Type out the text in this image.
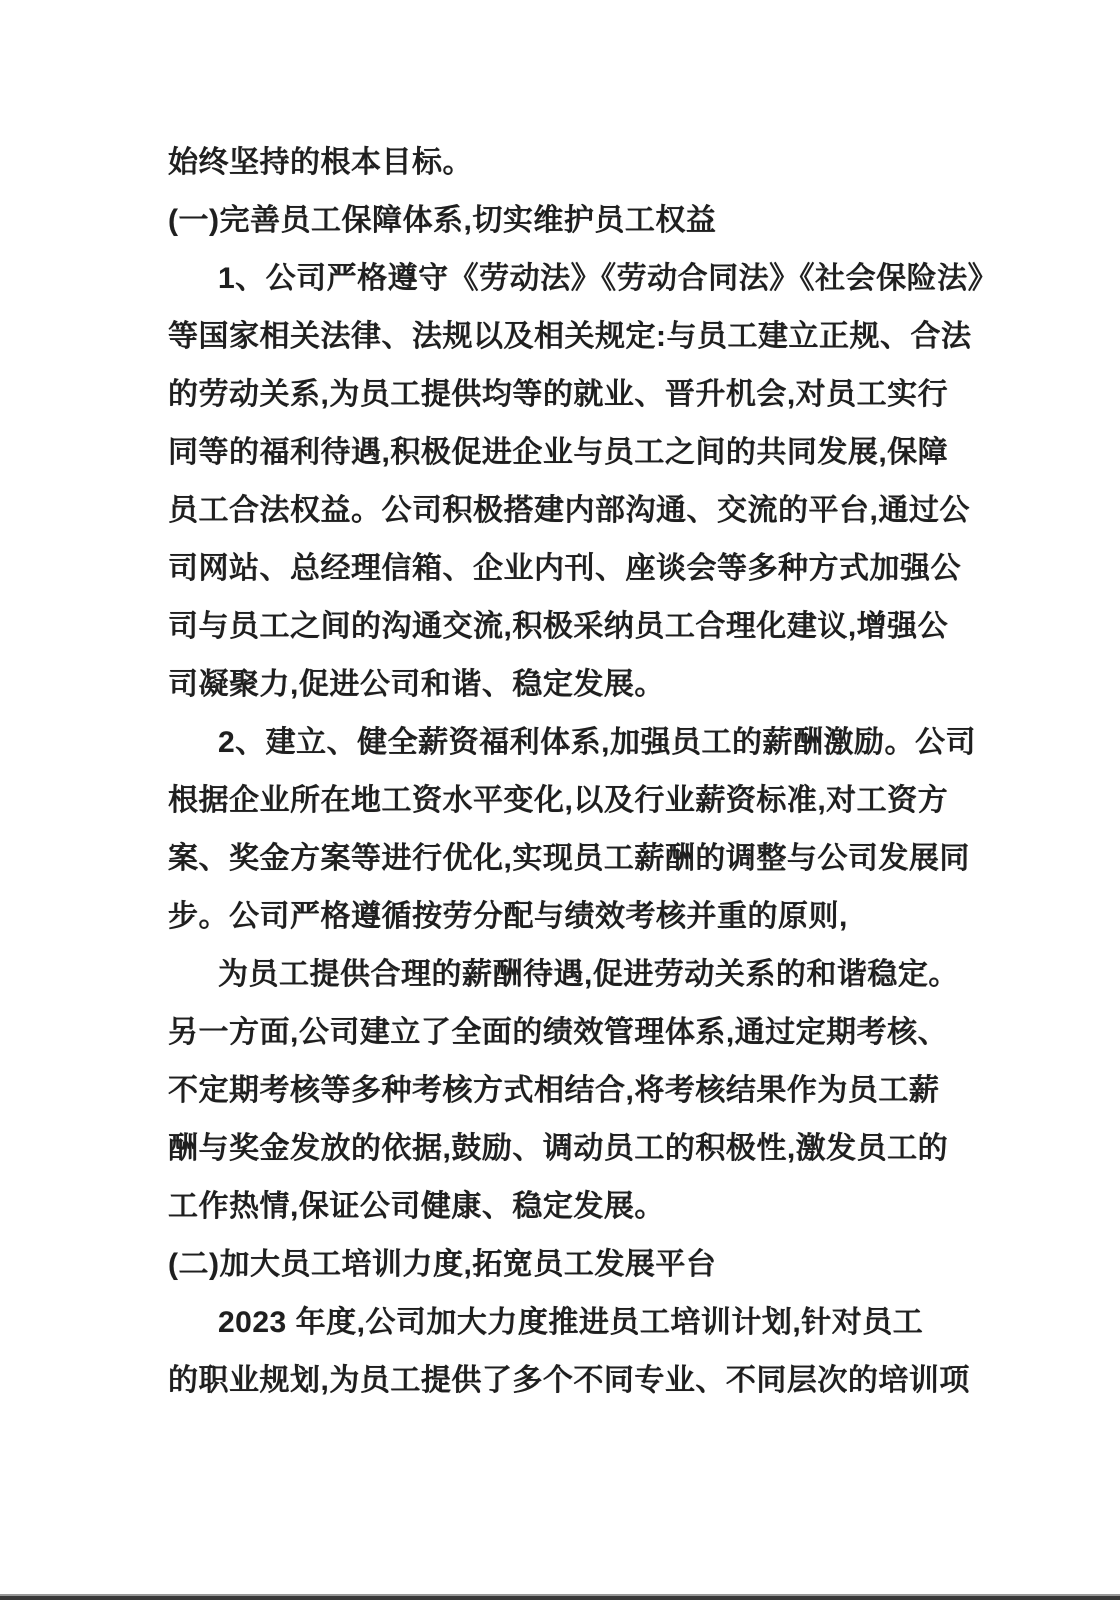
始终坚持的根本目标。
(一)完善员工保障体系,切实维护员工权益
1、公司严格遵守《劳动法》《劳动合同法》《社会保险法》
等国家相关法律、法规以及相关规定:与员工建立正规、合法
的劳动关系,为员工提供均等的就业、晋升机会,对员工实行
同等的福利待遇,积极促进企业与员工之间的共同发展,保障
员工合法权益。公司积极搭建内部沟通、交流的平台,通过公
司网站、总经理信箱、企业内刊、座谈会等多种方式加强公
司与员工之间的沟通交流,积极采纳员工合理化建议,增强公
司凝聚力,促进公司和谐、稳定发展。
2、建立、健全薪资福利体系,加强员工的薪酬激励。公司
根据企业所在地工资水平变化,以及行业薪资标准,对工资方
案、奖金方案等进行优化,实现员工薪酬的调整与公司发展同
步。公司严格遵循按劳分配与绩效考核并重的原则,
为员工提供合理的薪酬待遇,促进劳动关系的和谐稳定。
另一方面,公司建立了全面的绩效管理体系,通过定期考核、
不定期考核等多种考核方式相结合,将考核结果作为员工薪
酬与奖金发放的依据,鼓励、调动员工的积极性,激发员工的
工作热情,保证公司健康、稳定发展。
(二)加大员工培训力度,拓宽员工发展平台
2023 年度,公司加大力度推进员工培训计划,针对员工
的职业规划,为员工提供了多个不同专业、不同层次的培训项
